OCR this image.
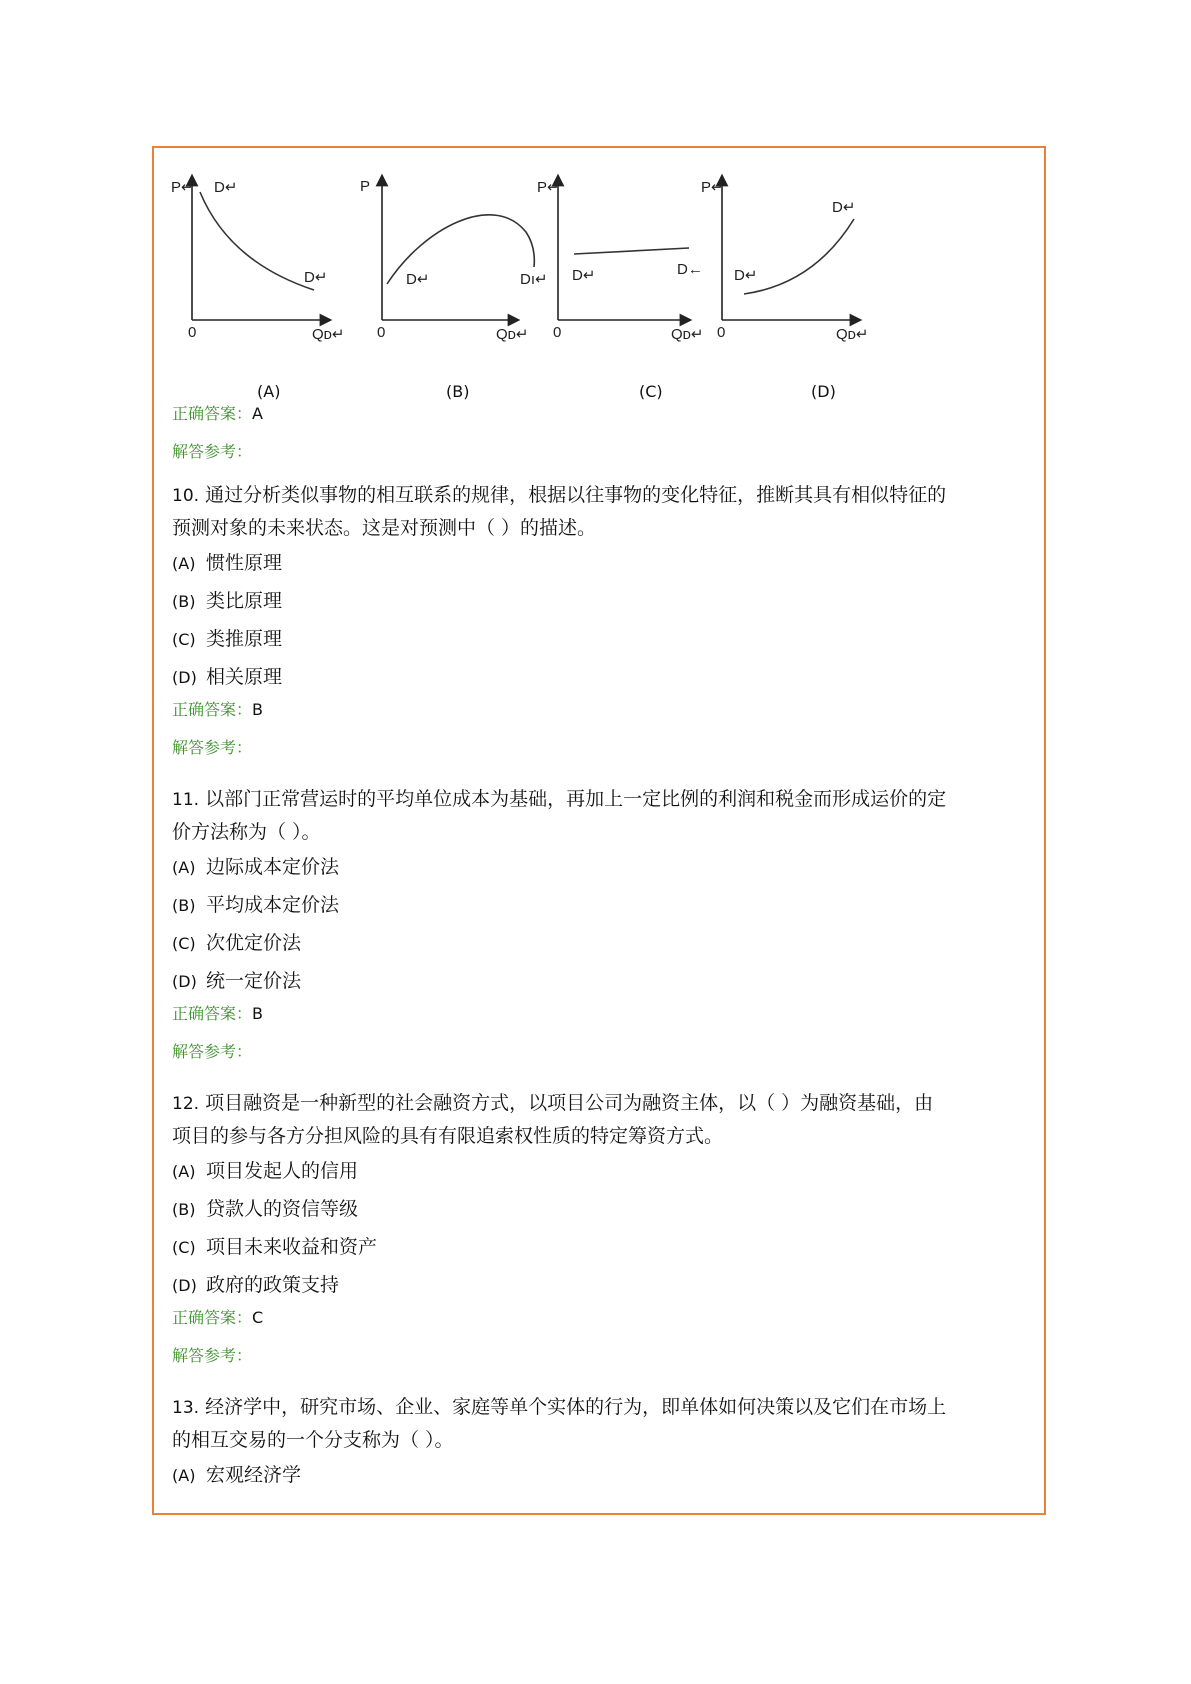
P↵ D↵
D↵
0	Qᴅ↵
P
D↵	Dı↵
0	Qᴅ↵
P↵
D↵	D←
0	Qᴅ↵
P↵
D↵
D↵
0	Qᴅ↵
(A)	(B)	(C)	(D)
正确答案：A
解答参考：
10. 通过分析类似事物的相互联系的规律，根据以往事物的变化特征，推断其具有相似特征的
预测对象的未来状态。这是对预测中（ ）的描述。
(A) 惯性原理
(B) 类比原理
(C) 类推原理
(D) 相关原理
正确答案：B
解答参考：
11. 以部门正常营运时的平均单位成本为基础，再加上一定比例的利润和税金而形成运价的定
价方法称为（ ）。
(A) 边际成本定价法
(B) 平均成本定价法
(C) 次优定价法
(D) 统一定价法
正确答案：B
解答参考：
12. 项目融资是一种新型的社会融资方式，以项目公司为融资主体，以（ ）为融资基础，由
项目的参与各方分担风险的具有有限追索权性质的特定筹资方式。
(A) 项目发起人的信用
(B) 贷款人的资信等级
(C) 项目未来收益和资产
(D) 政府的政策支持
正确答案：C
解答参考：
13. 经济学中，研究市场、企业、家庭等单个实体的行为，即单体如何决策以及它们在市场上
的相互交易的一个分支称为（ ）。
(A) 宏观经济学
